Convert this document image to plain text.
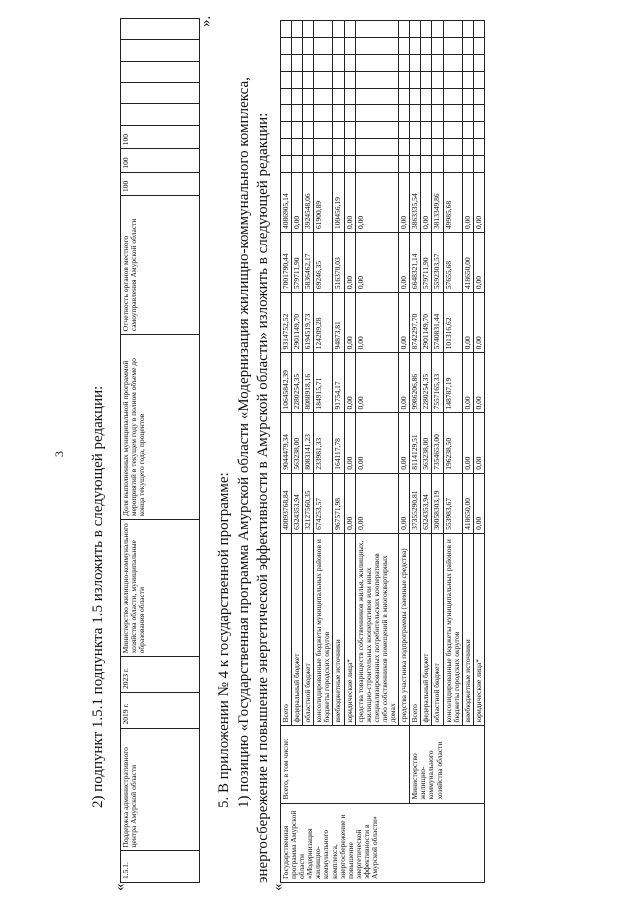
3 2) подпункт 1.5.1 подпункта 1.5 изложить в следующей редакции:
«
1.5.1.	Поддержка административного центра Амурской области	2019 г.	2023 г.	Министерство жилищно-коммунального хозяйства области, муниципальные образования области	Доля выполненных муниципальной программой мероприятий в текущем году в полном объеме до конца текущего года, процентов	Отчетность органов местного самоуправления Амурской области	100	100	100					
».
5. В приложении № 4 к государственной программе: 1) позицию «Государственная программа Амурской области «Модернизация жилищно-коммунального комплекса, энергосбережение и повышение энергетической эффективности в Амурской области» изложить в следующей редакции:
«
Государственная программа Амурской области «Модернизация жилищно-коммунального комплекса, энергосбережение и повышение энергетической эффективности в Амурской области»	Всего, в том числе:	Всего	40093768,84	9044479,34	10645842,39	9314752,52	7001790,44	4086905,14									
		федеральный бюджет	6324353,94	563238,00	2280254,35	2901149,70	579711,90	0,00									
		областной бюджет	32127560,35	8083141,23	8088918,16	6194519,73	5836462,17	3924548,06									
		консолидированные бюджеты муниципальных районов и бюджеты городских округов	674253,57	233981,33	184915,71	124209,28	69246,35	61900,89									
		внебюджетные источники	967571,98	164117,78	91754,17	94873,81	516370,03	100456,19									
		юридические лица*	0,00	0,00	0,00	0,00	0,00	0,00									
		средства товариществ собственников жилья, жилищных, жилищно-строительных кооперативов или иных специализированных потребительских кооперативов либо собственников помещений в многоквартирных домах	0,00	0,00	0,00	0,00	0,00	0,00									
		средства участника подпрограммы (заемные средства)	0,00	0,00	0,00	0,00	0,00	0,00									
	Министерство жилищно-коммунального хозяйства области	Всего	37355290,81	8114129,51	9986206,86	8742297,70	6648321,14	3863335,54									
		федеральный бюджет	6324353,94	563238,00	2280254,35	2901149,70	579711,90	0,00									
		областной бюджет	30058303,19	7354653,00	7557165,33	5740831,44	5592303,57	3813349,86									
		консолидированные бюджеты муниципальных районов и бюджеты городских округов	553983,67	196238,50	148787,19	101316,62	57655,68	49985,68									
		внебюджетные источники	418650,00	0,00	0,00	0,00	418650,00	0,00									
		юридические лица*	0,00	0,00	0,00	0,00	0,00	0,00									
